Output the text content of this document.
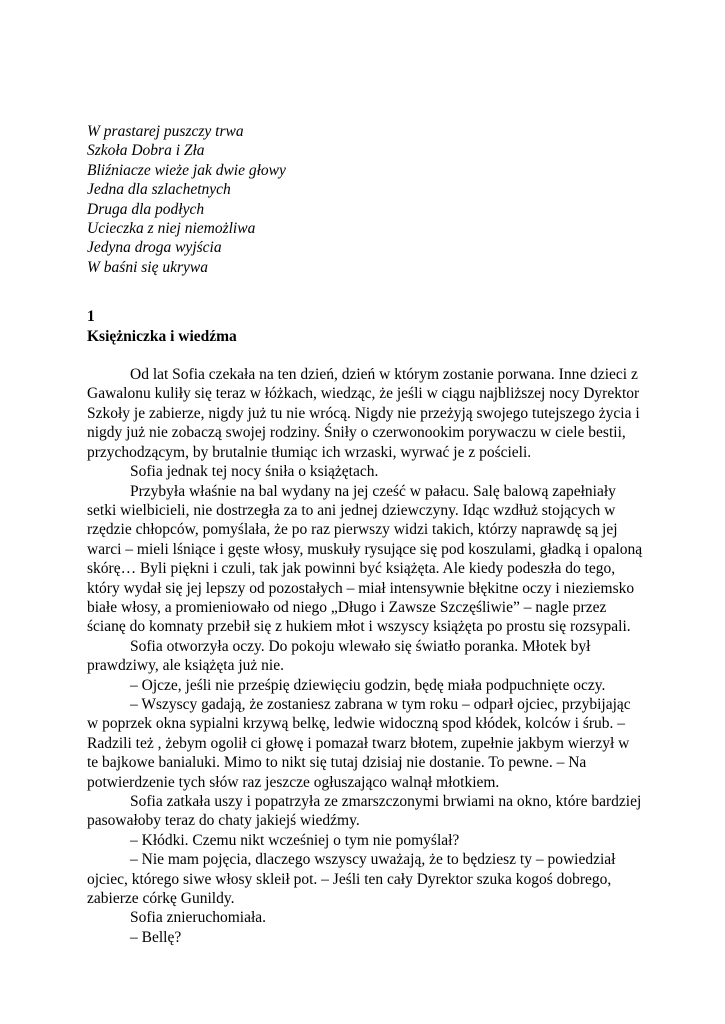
W prastarej puszczy trwa
Szkoła Dobra i Zła
Bliźniacze wieże jak dwie głowy
Jedna dla szlachetnych
Druga dla podłych
Ucieczka z niej niemożliwa
Jedyna droga wyjścia
W baśni się ukrywa
1
Księżniczka i wiedźma

Od lat Sofia czekała na ten dzień, dzień w którym zostanie porwana. Inne dzieci z Gawalonu kuliły się teraz w łóżkach, wiedząc, że jeśli w ciągu najbliższej nocy Dyrektor Szkoły je zabierze, nigdy już tu nie wrócą. Nigdy nie przeżyją swojego tutejszego życia i nigdy już nie zobaczą swojej rodziny. Śniły o czerwonookim porywaczu w ciele bestii, przychodzącym, by brutalnie tłumiąc ich wrzaski, wyrwać je z pościeli.

Sofia jednak tej nocy śniła o książętach.

Przybyła właśnie na bal wydany na jej cześć w pałacu. Salę balową zapełniały setki wielbicieli, nie dostrzegła za to ani jednej dziewczyny. Idąc wzdłuż stojących w rzędzie chłopców, pomyślała, że po raz pierwszy widzi takich, którzy naprawdę są jej warci – mieli lśniące i gęste włosy, muskuły rysujące się pod koszulami, gładką i opaloną skórę… Byli piękni i czuli, tak jak powinni być książęta. Ale kiedy podeszła do tego, który wydał się jej lepszy od pozostałych – miał intensywnie błękitne oczy i nieziemsko białe włosy, a promieniowało od niego „Długo i Zawsze Szczęśliwie” – nagle przez ścianę do komnaty przebił się z hukiem młot i wszyscy książęta po prostu się rozsypali.

Sofia otworzyła oczy. Do pokoju wlewało się światło poranka. Młotek był prawdziwy, ale książęta już nie.

– Ojcze, jeśli nie prześpię dziewięciu godzin, będę miała podpuchnięte oczy.

– Wszyscy gadają, że zostaniesz zabrana w tym roku – odparł ojciec, przybijając w poprzek okna sypialni krzywą belkę, ledwie widoczną spod kłódek, kolców i śrub. – Radzili też , żebym ogolił ci głowę i pomazał twarz błotem, zupełnie jakbym wierzył w te bajkowe banialuki. Mimo to nikt się tutaj dzisiaj nie dostanie. To pewne. – Na potwierdzenie tych słów raz jeszcze ogłuszająco walnął młotkiem.

Sofia zatkała uszy i popatrzyła ze zmarszczonymi brwiami na okno, które bardziej pasowałoby teraz do chaty jakiejś wiedźmy.

– Kłódki. Czemu nikt wcześniej o tym nie pomyślał?

– Nie mam pojęcia, dlaczego wszyscy uważają, że to będziesz ty – powiedział ojciec, którego siwe włosy skleił pot. – Jeśli ten cały Dyrektor szuka kogoś dobrego, zabierze córkę Gunildy.

Sofia znieruchomiała.

– Bellę?
